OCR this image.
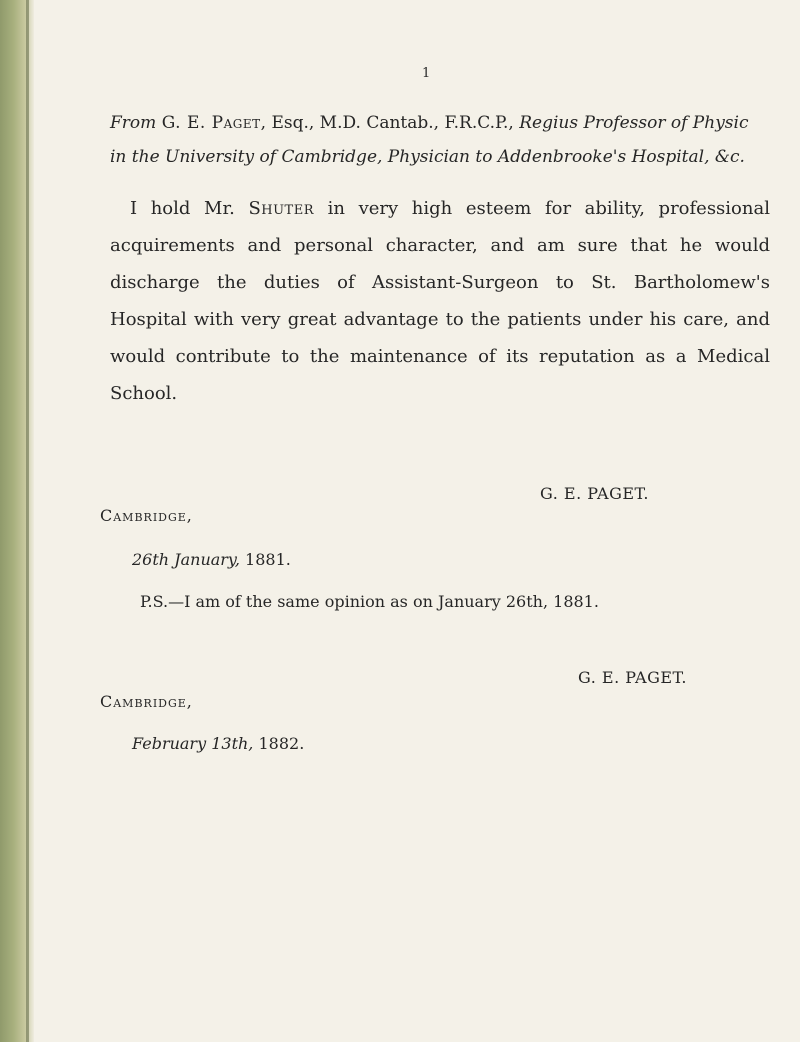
1
From G. E. Paget, Esq., M.D. Cantab., F.R.C.P., Regius Professor of Physic in the University of Cambridge, Physician to Addenbrooke's Hospital, &c.
I hold Mr. Shuter in very high esteem for ability, professional acquirements and personal character, and am sure that he would discharge the duties of Assistant-Surgeon to St. Bartholomew's Hospital with very great advantage to the patients under his care, and would contribute to the maintenance of its reputation as a Medical School.
G. E. PAGET.
Cambridge,
26th January, 1881.
P.S.—I am of the same opinion as on January 26th, 1881.
G. E. PAGET.
Cambridge,
February 13th, 1882.
